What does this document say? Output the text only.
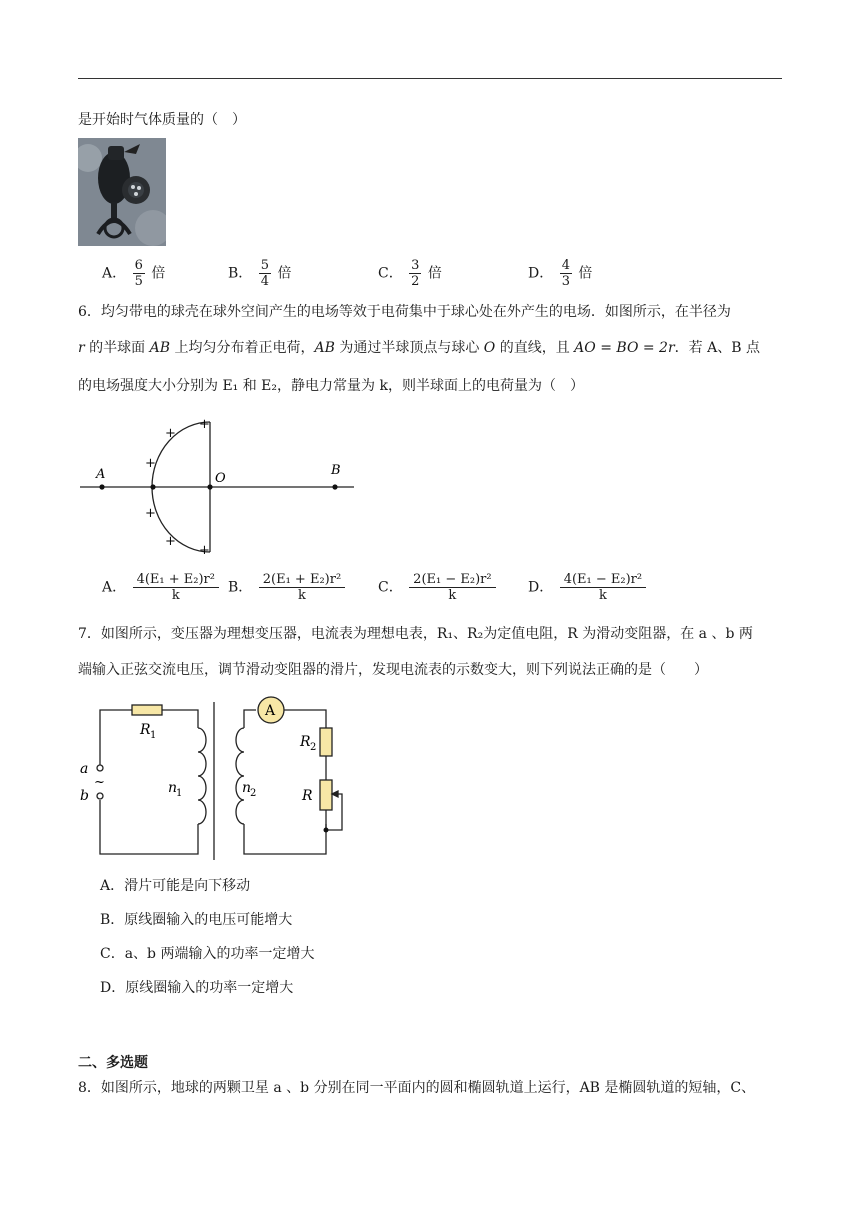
是开始时气体质量的（　）
A． $\frac{6}{5}$ 倍	B． $\frac{5}{4}$ 倍	C． $\frac{3}{2}$ 倍	D． $\frac{4}{3}$ 倍
6．均匀带电的球壳在球外空间产生的电场等效于电荷集中于球心处在外产生的电场．如图所示，在半径为
r 的半球面 AB 上均匀分布着正电荷，AB 为通过半球顶点与球心 O 的直线，且 AO = BO = 2r．若 A、B 点
的电场强度大小分别为 E₁ 和 E₂，静电力常量为 k，则半球面上的电荷量为（　）
A	O
B
+
+
+
+
+
+
A． $\frac{\text{4(E₁ + E₂)r²}}{k}$ B． $\frac{\text{2(E₁ + E₂)r²}}{k}$ C． $\frac{\text{2(E₁ − E₂)r²}}{k}$ D． $\frac{\text{4(E₁ − E₂)r²}}{k}$
7．如图所示，变压器为理想变压器，电流表为理想电表，R₁、R₂为定值电阻，R 为滑动变阻器，在 a 、b 两
端输入正弦交流电压，调节滑动变阻器的滑片，发现电流表的示数变大，则下列说法正确的是（　　）
A
R 1
n
1	n
2
R 2
R
a
~
b
A．滑片可能是向下移动
B．原线圈输入的电压可能增大
C．a、b 两端输入的功率一定增大
D．原线圈输入的功率一定增大
二、多选题
8．如图所示，地球的两颗卫星 a 、b 分别在同一平面内的圆和椭圆轨道上运行，AB 是椭圆轨道的短轴，C、
